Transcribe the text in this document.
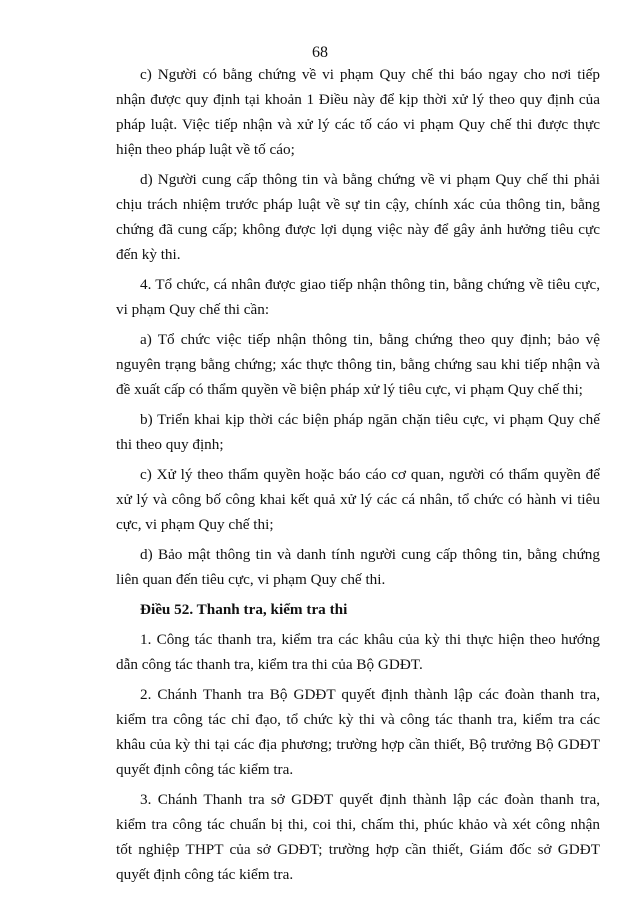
68

c) Người có bằng chứng về vi phạm Quy chế thi báo ngay cho nơi tiếp nhận được quy định tại khoản 1 Điều này để kịp thời xử lý theo quy định của pháp luật. Việc tiếp nhận và xử lý các tố cáo vi phạm Quy chế thi được thực hiện theo pháp luật về tố cáo;

d) Người cung cấp thông tin và bằng chứng về vi phạm Quy chế thi phải chịu trách nhiệm trước pháp luật về sự tin cậy, chính xác của thông tin, bằng chứng đã cung cấp; không được lợi dụng việc này để gây ảnh hưởng tiêu cực đến kỳ thi.

4. Tổ chức, cá nhân được giao tiếp nhận thông tin, bằng chứng về tiêu cực, vi phạm Quy chế thi cần:

a) Tổ chức việc tiếp nhận thông tin, bằng chứng theo quy định; bảo vệ nguyên trạng bằng chứng; xác thực thông tin, bằng chứng sau khi tiếp nhận và đề xuất cấp có thẩm quyền về biện pháp xử lý tiêu cực, vi phạm Quy chế thi;

b) Triển khai kịp thời các biện pháp ngăn chặn tiêu cực, vi phạm Quy chế thi theo quy định;

c) Xử lý theo thẩm quyền hoặc báo cáo cơ quan, người có thẩm quyền để xử lý và công bố công khai kết quả xử lý các cá nhân, tổ chức có hành vi tiêu cực, vi phạm Quy chế thi;

d) Bảo mật thông tin và danh tính người cung cấp thông tin, bằng chứng liên quan đến tiêu cực, vi phạm Quy chế thi.

Điều 52. Thanh tra, kiểm tra thi

1. Công tác thanh tra, kiểm tra các khâu của kỳ thi thực hiện theo hướng dẫn công tác thanh tra, kiểm tra thi của Bộ GDĐT.

2. Chánh Thanh tra Bộ GDĐT quyết định thành lập các đoàn thanh tra, kiểm tra công tác chỉ đạo, tổ chức kỳ thi và công tác thanh tra, kiểm tra các khâu của kỳ thi tại các địa phương; trường hợp cần thiết, Bộ trưởng Bộ GDĐT quyết định công tác kiểm tra.

3. Chánh Thanh tra sở GDĐT quyết định thành lập các đoàn thanh tra, kiểm tra công tác chuẩn bị thi, coi thi, chấm thi, phúc khảo và xét công nhận tốt nghiệp THPT của sở GDĐT; trường hợp cần thiết, Giám đốc sở GDĐT quyết định công tác kiểm tra.
